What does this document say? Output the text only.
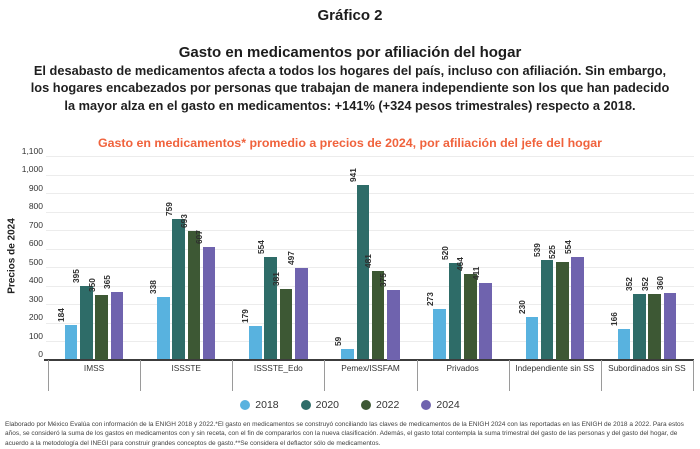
Gráfico 2
Gasto en medicamentos por afiliación del hogar
El desabasto de medicamentos afecta a todos los hogares del país, incluso con afiliación. Sin embargo,
los hogares encabezados por personas que trabajan de manera independiente son los que han padecido
la mayor alza en el gasto en medicamentos: +141% (+324 pesos trimestrales) respecto a 2018.
Gasto en medicamentos* promedio a precios de 2024, por afiliación del jefe del hogar
Precios de 2024
0
100
200
300
400
500
600
700
800
900
1,000
1,100
184
395
350 365
IMSS
338
759
693
607
ISSSTE
179
554
381
497
ISSSTE_Edo
59
941
481
375
Pemex/ISSFAM
273
520
464
411
Privados
230
539 525 554
Independiente sin SS
166
352 352 360
Subordinados sin SS
2018	2020	2022	2024
Elaborado por México Evalúa con información de la ENIGH 2018 y 2022.*El gasto en medicamentos se construyó conciliando las claves de medicamentos de la ENIGH 2024 con las reportadas en las ENIGH de 2018 a 2022. Para estos años, se consideró la suma de los gastos en medicamentos con y sin receta, con el fin de compararlos con la nueva clasificación. Además, el gasto total contempla la suma trimestral del gasto de las personas y del gasto del hogar, de acuerdo a la metodología del INEGI para construir grandes conceptos de gasto.**Se considera el deflactor sólo de medicamentos.
